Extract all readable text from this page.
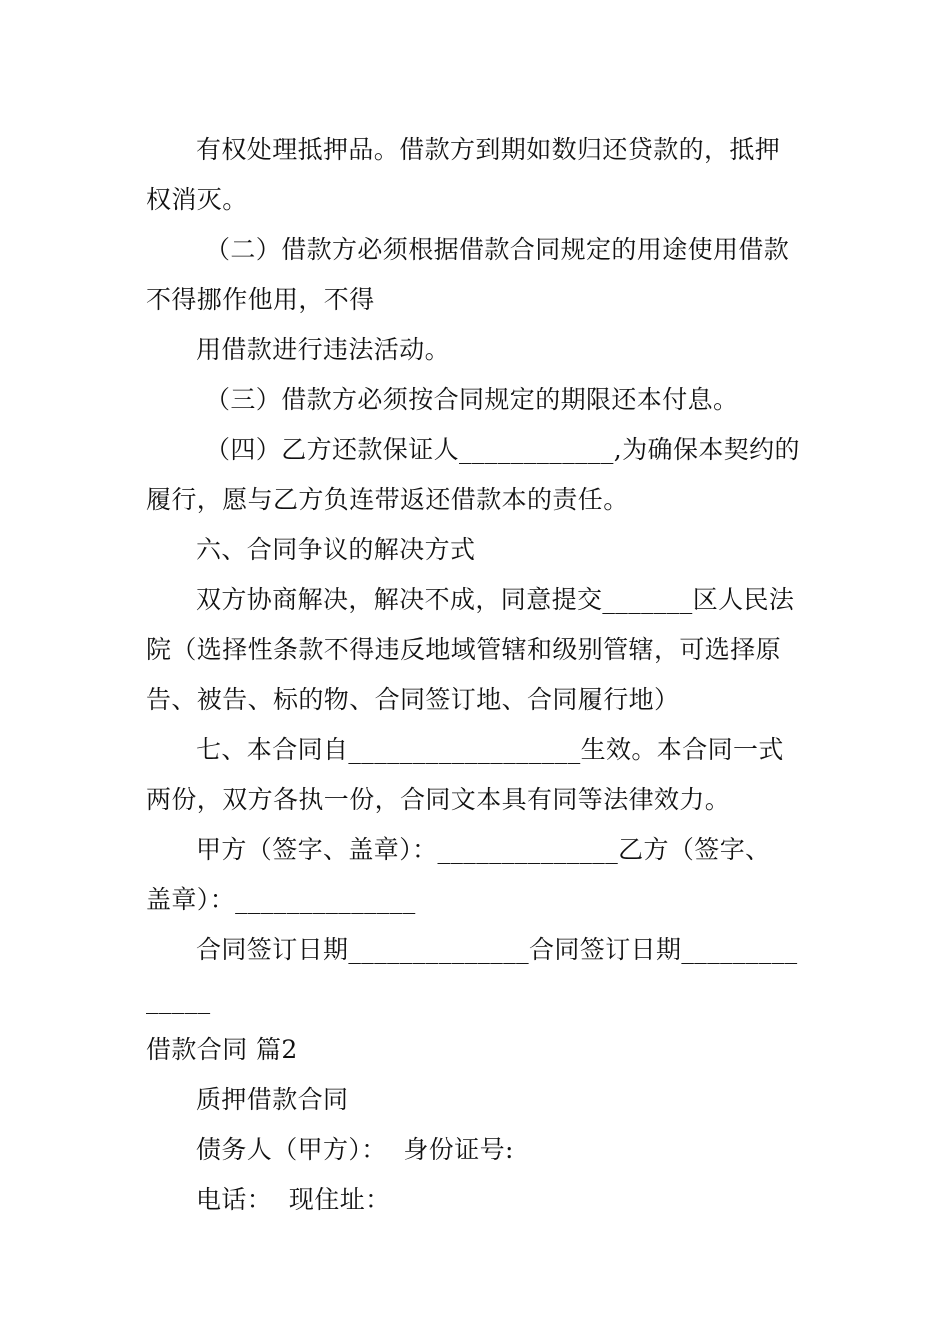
有权处理抵押品。借款方到期如数归还贷款的，抵押

权消灭。

（二）借款方必须根据借款合同规定的用途使用借款

不得挪作他用，不得

用借款进行违法活动。

（三）借款方必须按合同规定的期限还本付息。

（四）乙方还款保证人____________,为确保本契约的

履行，愿与乙方负连带返还借款本的责任。

六、合同争议的解决方式

双方协商解决，解决不成，同意提交_______区人民法

院（选择性条款不得违反地域管辖和级别管辖，可选择原

告、被告、标的物、合同签订地、合同履行地）

七、本合同自__________________生效。本合同一式

两份，双方各执一份，合同文本具有同等法律效力。

甲方（签字、盖章）：______________乙方（签字、

盖章）：______________

合同签订日期______________合同签订日期_________

_____

借款合同 篇2

质押借款合同

债务人（甲方）：  身份证号:

电话：  现住址：
